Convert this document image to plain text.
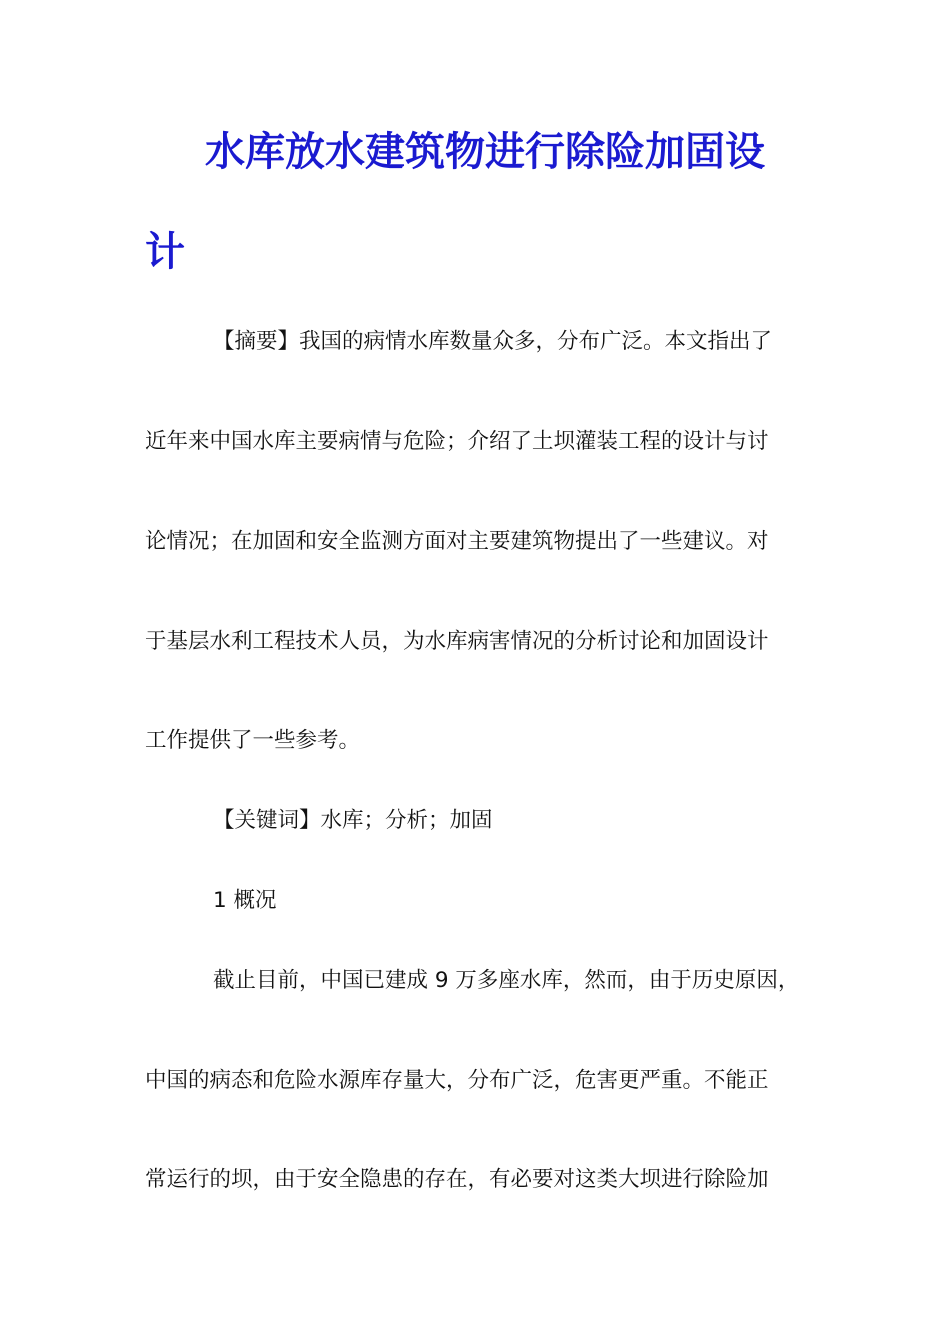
水库放水建筑物进行除险加固设
计

【摘要】我国的病情水库数量众多，分布广泛。本文指出了

近年来中国水库主要病情与危险；介绍了土坝灌装工程的设计与讨

论情况；在加固和安全监测方面对主要建筑物提出了一些建议。对

于基层水利工程技术人员，为水库病害情况的分析讨论和加固设计

工作提供了一些参考。

【关键词】水库；分析；加固

1 概况

截止目前，中国已建成 9 万多座水库，然而，由于历史原因，

中国的病态和危险水源库存量大，分布广泛，危害更严重。不能正

常运行的坝，由于安全隐患的存在，有必要对这类大坝进行除险加
